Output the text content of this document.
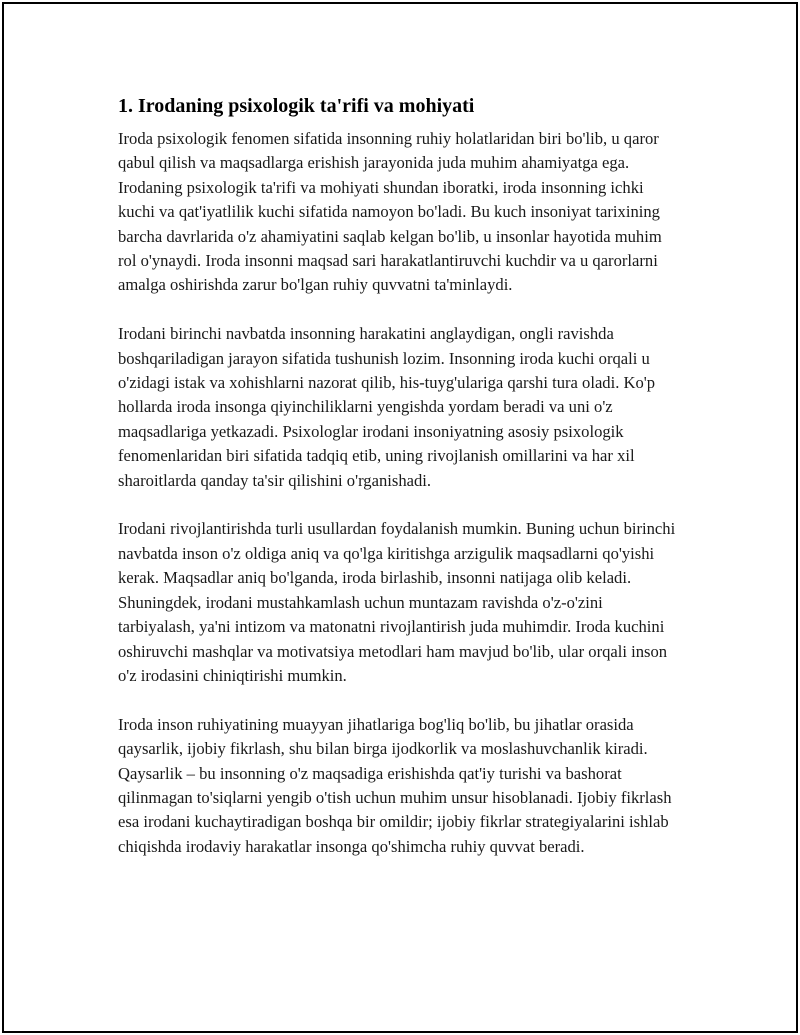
1. Irodaning psixologik ta'rifi va mohiyati

Iroda psixologik fenomen sifatida insonning ruhiy holatlaridan biri bo'lib, u qaror qabul qilish va maqsadlarga erishish jarayonida juda muhim ahamiyatga ega. Irodaning psixologik ta'rifi va mohiyati shundan iboratki, iroda insonning ichki kuchi va qat'iyatlilik kuchi sifatida namoyon bo'ladi. Bu kuch insoniyat tarixining barcha davrlarida o'z ahamiyatini saqlab kelgan bo'lib, u insonlar hayotida muhim rol o'ynaydi. Iroda insonni maqsad sari harakatlantiruvchi kuchdir va u qarorlarni amalga oshirishda zarur bo'lgan ruhiy quvvatni ta'minlaydi.

Irodani birinchi navbatda insonning harakatini anglaydigan, ongli ravishda boshqariladigan jarayon sifatida tushunish lozim. Insonning iroda kuchi orqali u o'zidagi istak va xohishlarni nazorat qilib, his-tuyg'ulariga qarshi tura oladi. Ko'p hollarda iroda insonga qiyinchiliklarni yengishda yordam beradi va uni o'z maqsadlariga yetkazadi. Psixologlar irodani insoniyatning asosiy psixologik fenomenlaridan biri sifatida tadqiq etib, uning rivojlanish omillarini va har xil sharoitlarda qanday ta'sir qilishini o'rganishadi.

Irodani rivojlantirishda turli usullardan foydalanish mumkin. Buning uchun birinchi navbatda inson o'z oldiga aniq va qo'lga kiritishga arzigulik maqsadlarni qo'yishi kerak. Maqsadlar aniq bo'lganda, iroda birlashib, insonni natijaga olib keladi. Shuningdek, irodani mustahkamlash uchun muntazam ravishda o'z-o'zini tarbiyalash, ya'ni intizom va matonatni rivojlantirish juda muhimdir. Iroda kuchini oshiruvchi mashqlar va motivatsiya metodlari ham mavjud bo'lib, ular orqali inson o'z irodasini chiniqtirishi mumkin.

Iroda inson ruhiyatining muayyan jihatlariga bog'liq bo'lib, bu jihatlar orasida qaysarlik, ijobiy fikrlash, shu bilan birga ijodkorlik va moslashuvchanlik kiradi. Qaysarlik – bu insonning o'z maqsadiga erishishda qat'iy turishi va bashorat qilinmagan to'siqlarni yengib o'tish uchun muhim unsur hisoblanadi. Ijobiy fikrlash esa irodani kuchaytiradigan boshqa bir omildir; ijobiy fikrlar strategiyalarini ishlab chiqishda irodaviy harakatlar insonga qo'shimcha ruhiy quvvat beradi.
